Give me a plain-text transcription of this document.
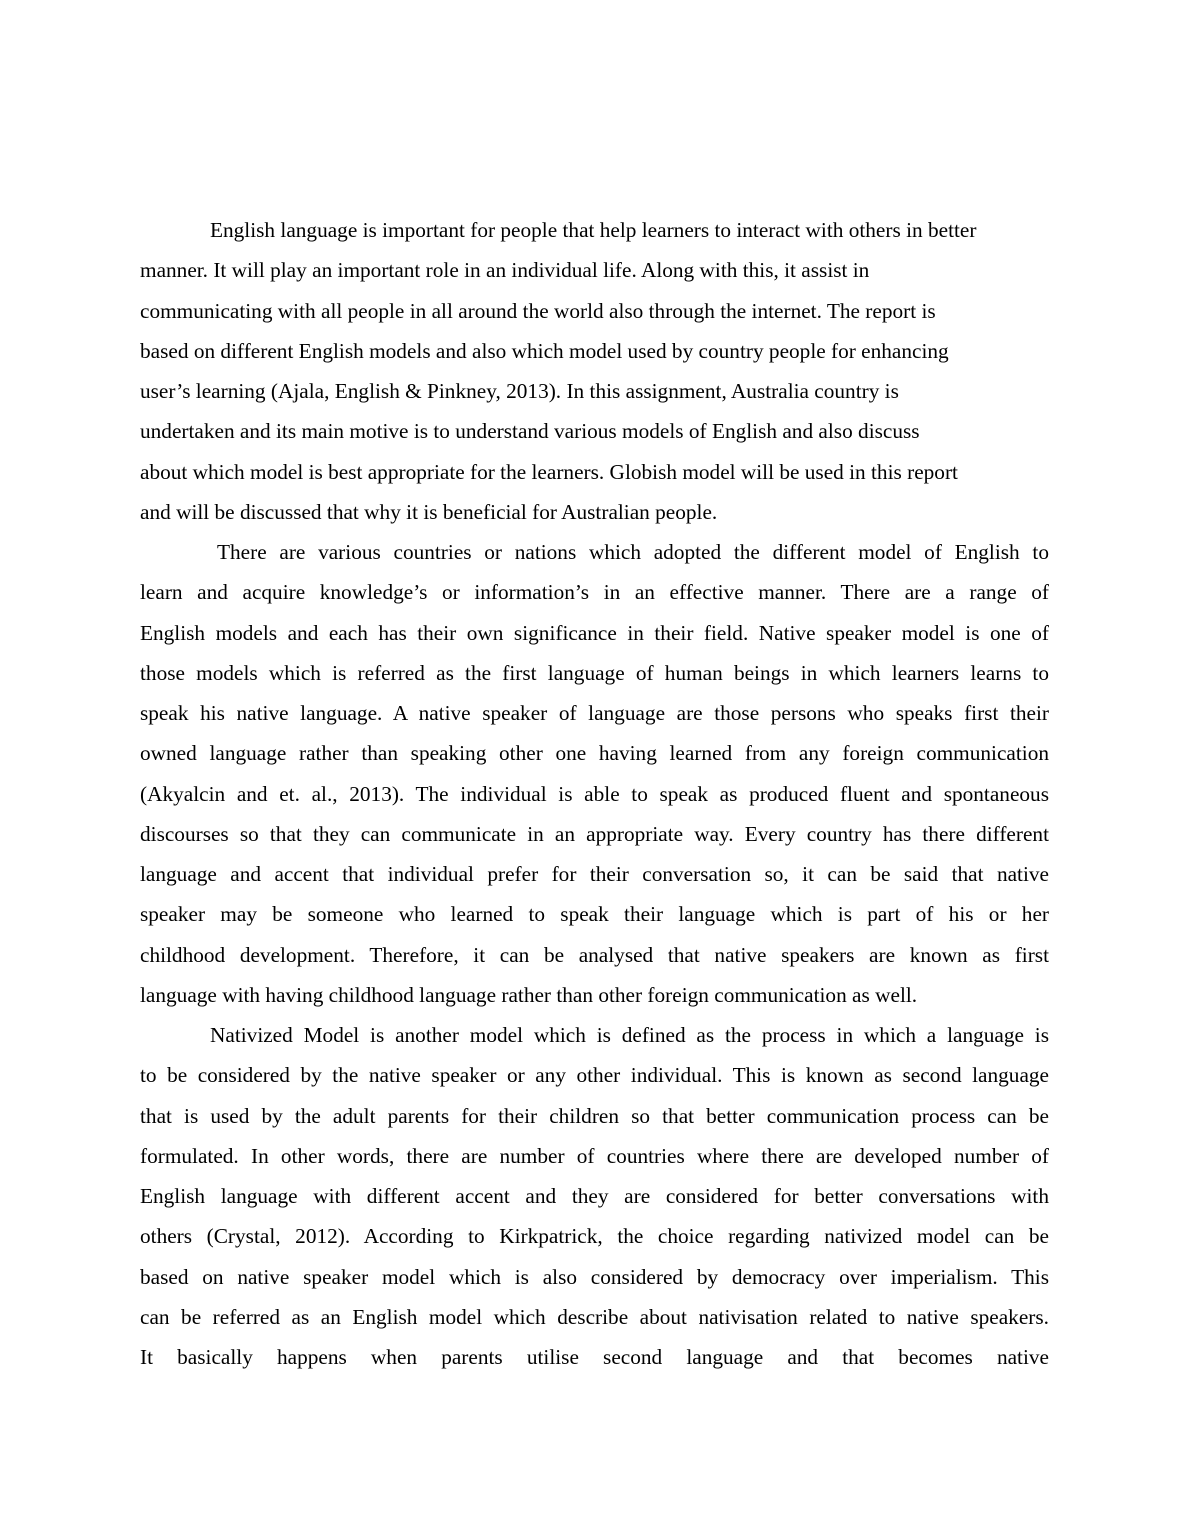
English language is important for people that help learners to interact with others in better
manner. It will play an important role in an individual life. Along with this, it assist in
communicating with all people in all around the world also through the internet. The report is
based on different English models and also which model used by country people for enhancing
user’s learning (Ajala, English & Pinkney, 2013). In this assignment, Australia country is
undertaken and its main motive is to understand various models of English and also discuss
about which model is best appropriate for the learners. Globish model will be used in this report
and will be discussed that why it is beneficial for Australian people.

There are various countries or nations which adopted the different model of English to
learn and acquire knowledge’s or information’s in an effective manner. There are a range of
English models and each has their own significance in their field. Native speaker model is one of
those models which is referred as the first language of human beings in which learners learns to
speak his native language. A native speaker of language are those persons who speaks first their
owned language rather than speaking other one having learned from any foreign communication
(Akyalcin and et. al., 2013). The individual is able to speak as produced fluent and spontaneous
discourses so that they can communicate in an appropriate way. Every country has there different
language and accent that individual prefer for their conversation so, it can be said that native
speaker may be someone who learned to speak their language which is part of his or her
childhood development. Therefore, it can be analysed that native speakers are known as first
language with having childhood language rather than other foreign communication as well.

Nativized Model is another model which is defined as the process in which a language is
to be considered by the native speaker or any other individual. This is known as second language
that is used by the adult parents for their children so that better communication process can be
formulated. In other words, there are number of countries where there are developed number of
English language with different accent and they are considered for better conversations with
others (Crystal, 2012). According to Kirkpatrick, the choice regarding nativized model can be
based on native speaker model which is also considered by democracy over imperialism. This
can be referred as an English model which describe about nativisation related to native speakers.
It basically happens when parents utilise second language and that becomes native
